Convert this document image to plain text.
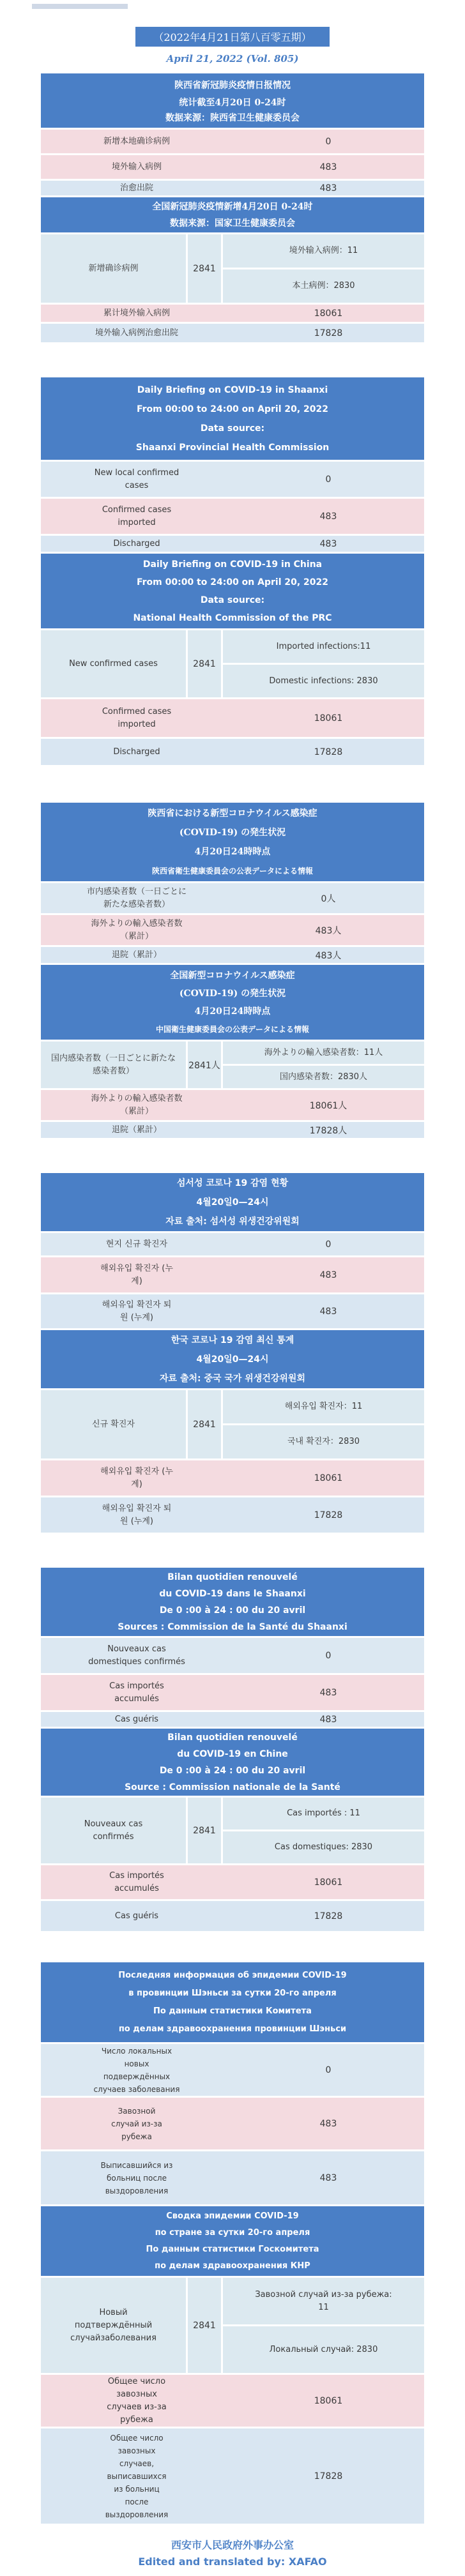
（2022年4月21日第八百零五期）
April 21, 2022 (Vol. 805)
陕西省新冠肺炎疫情日报情况
统计截至4月20日 0-24时
数据来源：陕西省卫生健康委员会
新增本地确诊病例	0
境外输入病例	483
治愈出院	483
全国新冠肺炎疫情新增4月20日 0-24时
数据来源：国家卫生健康委员会
新增确诊病例	2841
境外输入病例：11
本土病例：2830
累计境外输入病例	18061
境外输入病例治愈出院	17828
Daily Briefing on COVID-19 in Shaanxi
From 00:00 to 24:00 on April 20, 2022
Data source:
Shaanxi Provincial Health Commission
New local confirmed cases
0
Confirmed cases imported
483
Discharged	483
Daily Briefing on COVID-19 in China
From 00:00 to 24:00 on April 20, 2022
Data source:
National Health Commission of the PRC
New confirmed cases	2841
Imported infections:11
Domestic infections: 2830
Confirmed cases imported
18061
Discharged	17828
陝西省における新型コロナウイルス感染症
(COVID-19) の発生状況
4月20日24時時点
陝西省衛生健康委員会の公表データによる情報
市内感染者数（一日ごとに新たな感染者数）
0人
海外よりの輸入感染者数（累計）
483人
退院（累計）	483人
全国新型コロナウイルス感染症
(COVID-19) の発生状況
4月20日24時時点
中国衛生健康委員会の公表データによる情報
国内感染者数（一日ごとに新たな感染者数）
2841人
海外よりの輸入感染者数：11人
国内感染者数：2830人
海外よりの輸入感染者数（累計）
18061人
退院（累計）	17828人
섬서성 코로나 19 감염 현황
4월20일0—24시
자료 출처: 섬서성 위생건강위원회
현지 신규 확진자	0
해외유입 확진자 (누계)
483
해외유입 확진자 퇴원 (누계)
483
한국 코로나 19 감염 최신 통계
4월20일0—24시
자료 출처: 중국 국가 위생건강위원회
신규 확진자	2841
해외유입 확진자：11
국내 확진자：2830
해외유입 확진자 (누계)
18061
해외유입 확진자 퇴원 (누계)
17828
Bilan quotidien renouvelé
du COVID-19 dans le Shaanxi
De 0 :00 à 24 : 00 du 20 avril
Sources : Commission de la Santé du Shaanxi
Nouveaux cas domestiques confirmés
0
Cas importés accumulés
483
Cas guéris	483
Bilan quotidien renouvelé
du COVID-19 en Chine
De 0 :00 à 24 : 00 du 20 avril
Source : Commission nationale de la Santé
Nouveaux cas confirmés
2841
Cas importés : 11
Cas domestiques: 2830
Cas importés accumulés
18061
Cas guéris	17828
Последняя информация об эпидемии COVID-19
в провинции Шэньси за сутки 20-го апреля
По данным статистики Комитета
по делам здравоохранения провинции Шэньси
Число локальных новых подверждённых случаев заболевания
0
Завозной случай из-за рубежа
483
Выписавшийся из больниц после выздоровления
483
Сводка эпидемии COVID-19
по стране за сутки 20-го апреля
По данным статистики Госкомитета
по делам здравоохранения КНР
Новый подтверждённый случайзаболевания
2841
Завозной случай из-за рубежа: 11
Локальный случай: 2830
Общее число завозных случаев из-за рубежа
18061
Общее число завозных случаев, выписавшихся из больниц после выздоровления
17828
西安市人民政府外事办公室
Edited and translated by: XAFAO
